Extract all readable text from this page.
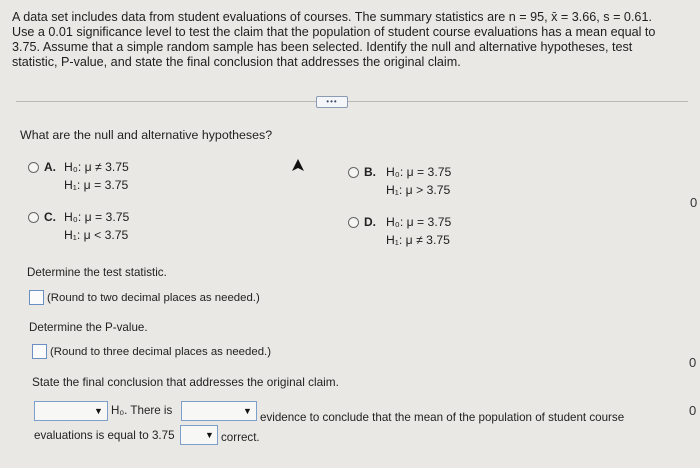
A data set includes data from student evaluations of courses. The summary statistics are n = 95, x̄ = 3.66, s = 0.61. Use a 0.01 significance level to test the claim that the population of student course evaluations has a mean equal to 3.75. Assume that a simple random sample has been selected. Identify the null and alternative hypotheses, test statistic, P-value, and state the final conclusion that addresses the original claim.
•••
What are the null and alternative hypotheses?
A. H₀: μ ≠ 3.75
H₁: μ = 3.75
B. H₀: μ = 3.75
H₁: μ > 3.75
C. H₀: μ = 3.75
H₁: μ < 3.75
D. H₀: μ = 3.75
H₁: μ ≠ 3.75
Determine the test statistic.
(Round to two decimal places as needed.)
Determine the P-value.
(Round to three decimal places as needed.)
State the final conclusion that addresses the original claim.
▼ H₀. There is	▼ evidence to conclude that the mean of the population of student course
evaluations is equal to 3.75	▼ correct.
0
0
0
